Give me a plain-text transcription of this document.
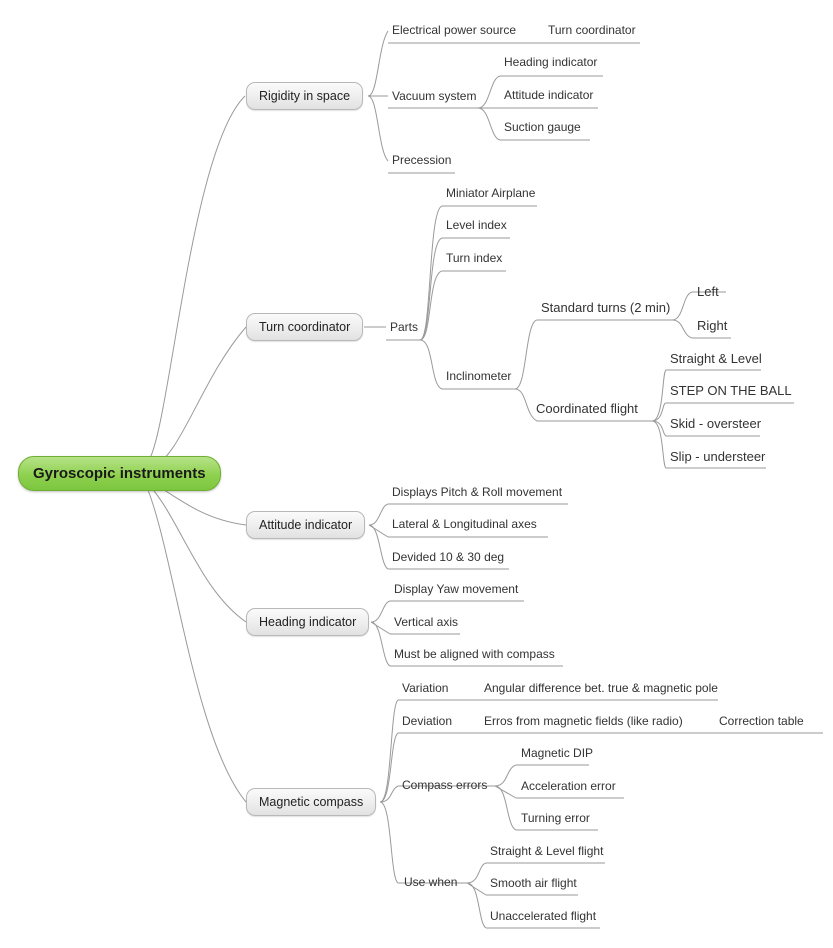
Gyroscopic instruments
Rigidity in space
Electrical power source	Turn coordinator
Vacuum system
Heading indicator
Attitude indicator
Suction gauge
Precession
Turn coordinator	Parts
Miniator Airplane
Level index
Turn index
Inclinometer
Standard turns (2 min)
Left
Right
Coordinated flight
Straight & Level
STEP ON THE BALL
Skid - oversteer
Slip - understeer
Attitude indicator
Displays Pitch & Roll movement
Lateral & Longitudinal axes
Devided 10 & 30 deg
Heading indicator
Display Yaw movement
Vertical axis
Must be aligned with compass
Magnetic compass
Variation	Angular difference bet. true & magnetic pole
Deviation	Erros from magnetic fields (like radio)	Correction table
Compass errors
Magnetic DIP
Acceleration error
Turning error
Use when
Straight & Level flight
Smooth air flight
Unaccelerated flight
